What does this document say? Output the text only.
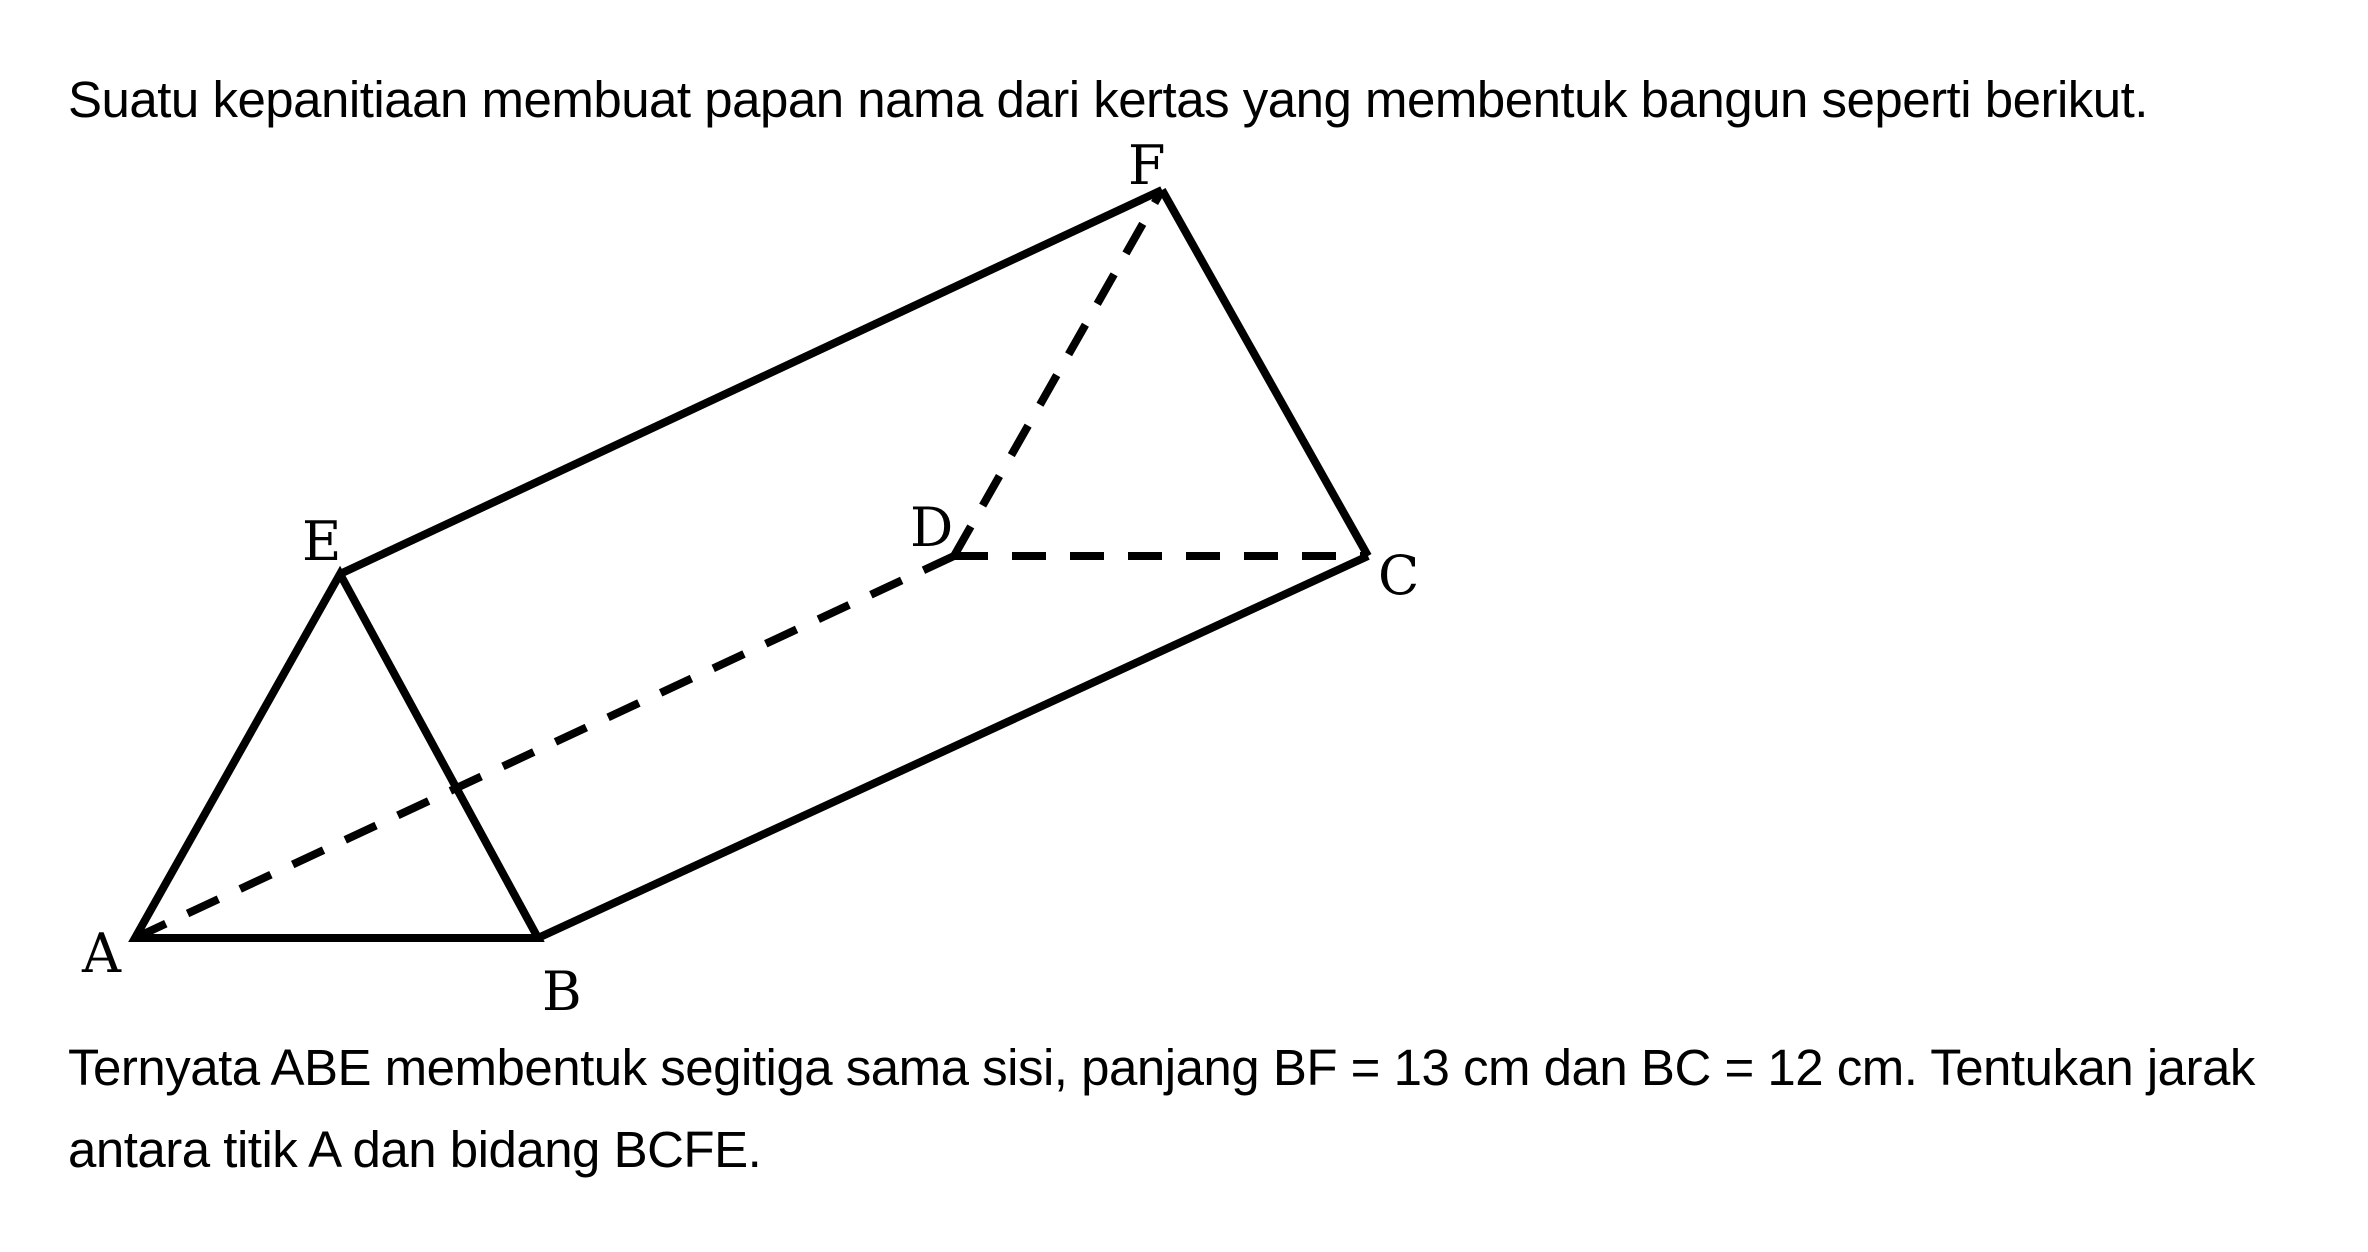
Suatu kepanitiaan membuat papan nama dari kertas yang membentuk bangun seperti berikut.

A
B
C
D
E
F

Ternyata ABE membentuk segitiga sama sisi, panjang BF = 13 cm dan BC = 12 cm. Tentukan jarak

antara titik A dan bidang BCFE.
